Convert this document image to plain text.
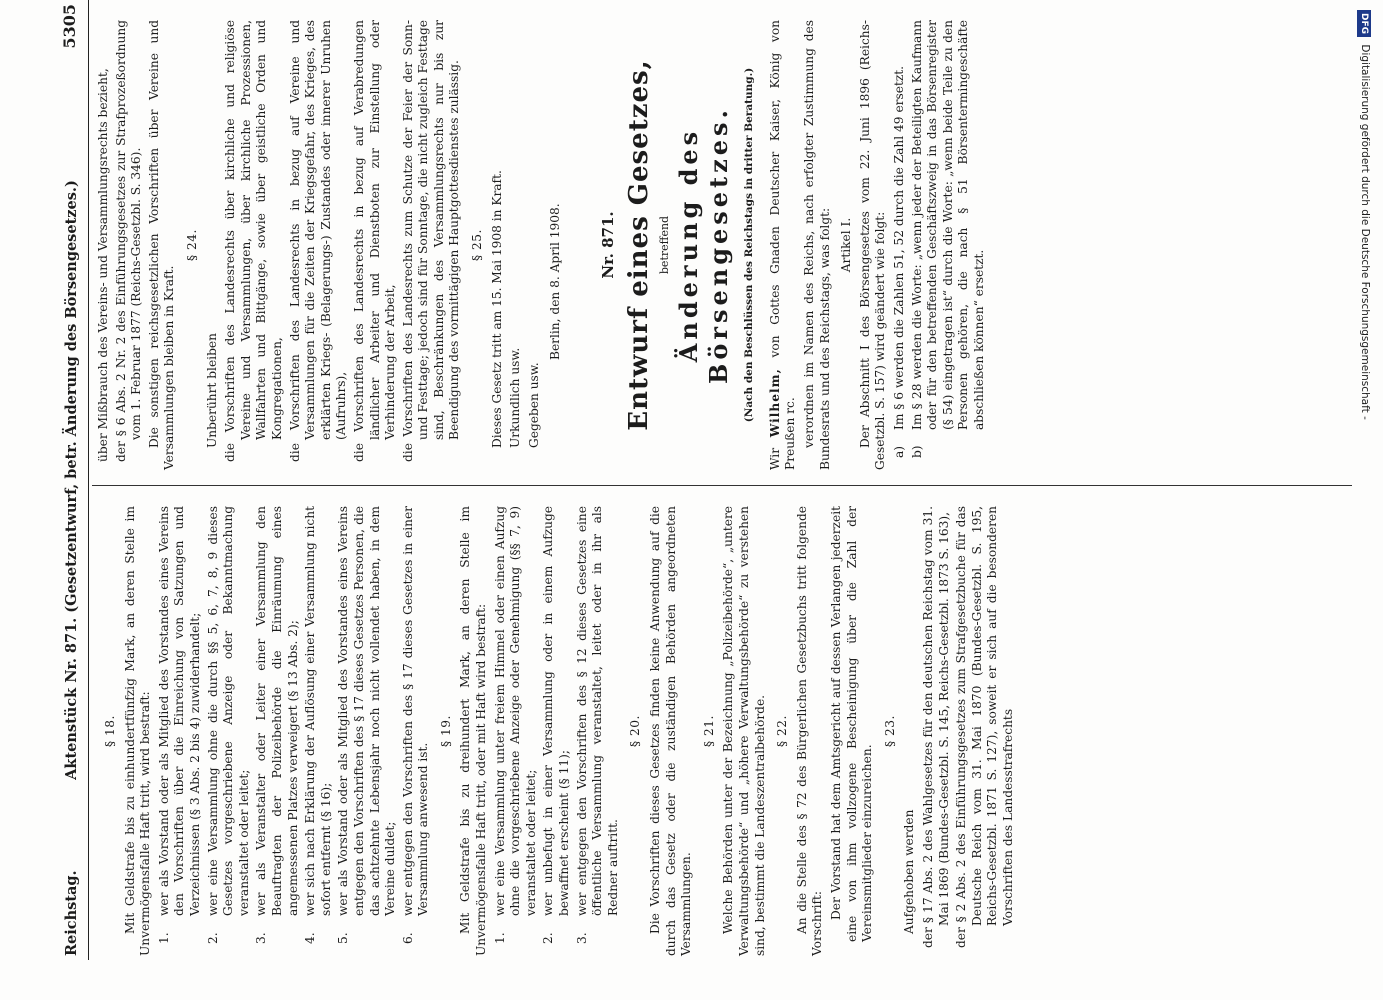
Reichstag.
Aktenstück Nr. 871. (Gesetzentwurf, betr. Änderung des Börsengesetzes.)
5305
§ 18. Mit Geldstrafe bis zu einhundertfünfzig Mark, an deren Stelle im Unvermögensfalle Haft tritt, wird bestraft: 1.
wer als Vorstand oder als Mitglied des Vorstandes eines Vereins den Vorschriften über die Einreichung von Satzungen und Verzeichnissen (§ 3 Abs. 2 bis 4) zuwiderhandelt;
2.
wer eine Versammlung ohne die durch §§ 5, 6, 7, 8, 9 dieses Gesetzes vorgeschriebene Anzeige oder Bekanntmachung veranstaltet oder leitet;
3.
wer als Veranstalter oder Leiter einer Versammlung den Beauftragten der Polizeibehörde die Einräumung eines angemessenen Platzes verweigert (§ 13 Abs. 2);
4.
wer sich nach Erklärung der Auflösung einer Versammlung nicht sofort entfernt (§ 16);
5.
wer als Vorstand oder als Mitglied des Vorstandes eines Vereins entgegen den Vorschriften des § 17 dieses Gesetzes Personen, die das achtzehnte Lebensjahr noch nicht vollendet haben, in dem Vereine duldet;
6.
wer entgegen den Vorschriften des § 17 dieses Gesetzes in einer Versammlung anwesend ist.
§ 19. Mit Geldstrafe bis zu dreihundert Mark, an deren Stelle im Unvermögensfalle Haft tritt, oder mit Haft wird bestraft: 1.
wer eine Versammlung unter freiem Himmel oder einen Aufzug ohne die vorgeschriebene Anzeige oder Genehmigung (§§ 7, 9) veranstaltet oder leitet;
2.
wer unbefugt in einer Versammlung oder in einem Aufzuge bewaffnet erscheint (§ 11);
3.
wer entgegen den Vorschriften des § 12 dieses Gesetzes eine öffentliche Versammlung veranstaltet, leitet oder in ihr als Redner auftritt.
§ 20. Die Vorschriften dieses Gesetzes finden keine Anwendung auf die durch das Gesetz oder die zuständigen Behörden angeordneten Versammlungen.

§ 21. Welche Behörden unter der Bezeichnung „Polizeibehörde“, „untere Verwaltungsbehörde“ und „höhere Verwaltungsbehörde“ zu verstehen sind, bestimmt die Landeszentralbehörde. § 22. An die Stelle des § 72 des Bürgerlichen Gesetzbuchs tritt folgende Vorschrift:

Der Vorstand hat dem Amtsgericht auf dessen Verlangen jederzeit eine von ihm vollzogene Bescheinigung über die Zahl der Vereinsmitglieder einzureichen.

§ 23.

Aufgehoben werden der § 17 Abs. 2 des Wahlgesetzes für den deutschen Reichstag vom 31. Mai 1869 (Bundes-Gesetzbl. S. 145, Reichs-Gesetzbl. 1873 S. 163), der § 2 Abs. 2 des Einführungsgesetzes zum Strafgesetzbuche für das Deutsche Reich vom 31. Mai 1870 (Bundes-Gesetzbl. S. 195, Reichs-Gesetzbl. 1871 S. 127), soweit er sich auf die besonderen Vorschriften des Landesstrafrechts

über Mißbrauch des Vereins- und Versammlungsrechts bezieht, der § 6 Abs. 2 Nr. 2 des Einführungsgesetzes zur Strafprozeßordnung vom 1. Februar 1877 (Reichs-Gesetzbl. S. 346). Die sonstigen reichsgesetzlichen Vorschriften über Vereine und Versammlungen bleiben in Kraft.

§ 24.

Unberührt bleiben die Vorschriften des Landesrechts über kirchliche und religiöse Vereine und Versammlungen, über kirchliche Prozessionen, Wallfahrten und Bittgänge, sowie über geistliche Orden und Kongregationen, die Vorschriften des Landesrechts in bezug auf Vereine und Versammlungen für die Zeiten der Kriegsgefahr, des Krieges, des erklärten Kriegs- (Belagerungs-) Zustandes oder innerer Unruhen (Aufruhrs), die Vorschriften des Landesrechts in bezug auf Verabredungen ländlicher Arbeiter und Dienstboten zur Einstellung oder Verhinderung der Arbeit, die Vorschriften des Landesrechts zum Schutze der Feier der Sonn- und Festtage; jedoch sind für Sonntage, die nicht zugleich Festtage sind, Beschränkungen des Versammlungsrechts nur bis zur Beendigung des vormittägigen Hauptgottesdienstes zulässig. § 25. Dieses Gesetz tritt am 15. Mai 1908 in Kraft. Urkundlich usw. Gegeben usw.

Berlin, den 8. April 1908. Nr. 871. Entwurf eines Gesetzes, betreffend Änderung des Börsengesetzes. (Nach den Beschlüssen des Reichstags in dritter Beratung.)

Wir Wilhelm, von Gottes Gnaden Deutscher Kaiser, König von Preußen rc. verordnen im Namen des Reichs, nach erfolgter Zustimmung des Bundesrats und des Reichstags, was folgt: Artikel I. Der Abschnitt I des Börsengesetzes vom 22. Juni 1896 (Reichs-Gesetzbl. S. 157) wird geändert wie folgt: a)
Im § 6 werden die Zahlen 51, 52 durch die Zahl 49 ersetzt.
b)
Im § 28 werden die Worte: „wenn jeder der Beteiligten Kaufmann oder für den betreffenden Geschäftszweig in das Börsenregister (§ 54) eingetragen ist“ durch die Worte: „wenn beide Teile zu den Personen gehören, die nach § 51 Börsentermingeschäfte abschließen können“ ersetzt.
DFG Digitalisierung gefördert durch die Deutsche Forschungsgemeinschaft -
